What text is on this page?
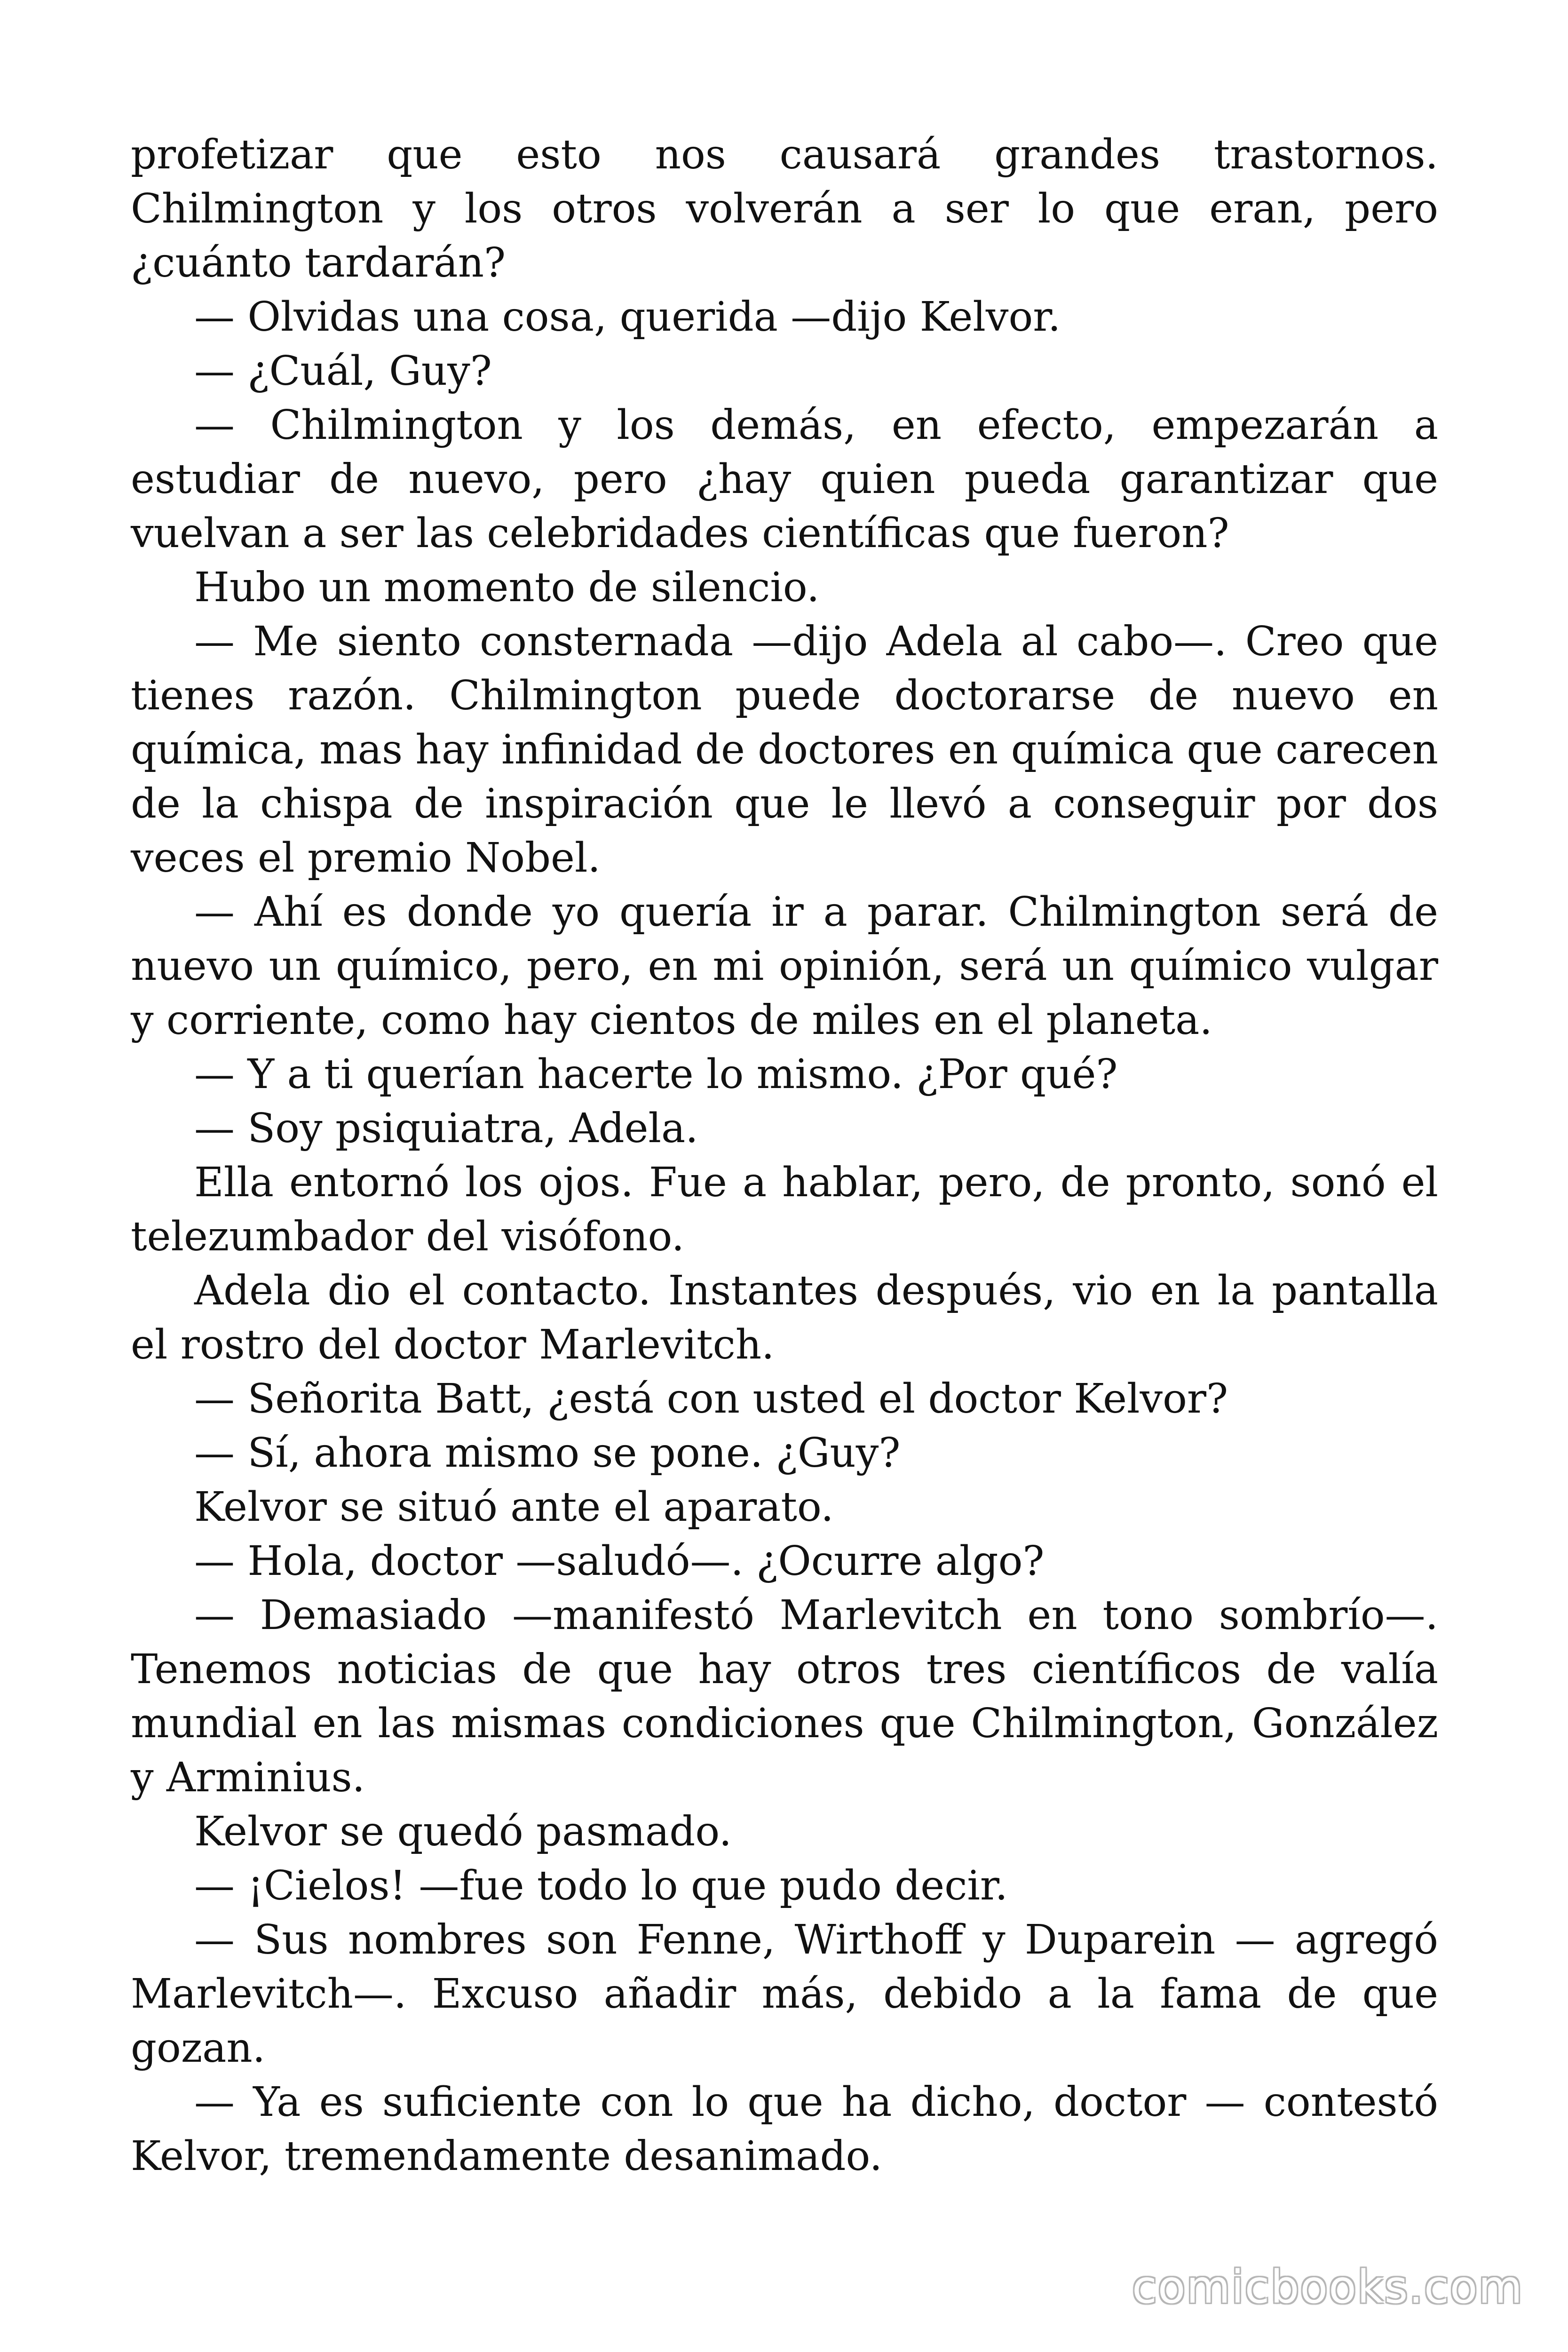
profetizar que esto nos causará grandes trastornos. Chilmington y los otros volverán a ser lo que eran, pero ¿cuánto tardarán?

— Olvidas una cosa, querida —dijo Kelvor.

— ¿Cuál, Guy?

— Chilmington y los demás, en efecto, empezarán a estudiar de nuevo, pero ¿hay quien pueda garantizar que vuelvan a ser las celebridades científicas que fueron?

Hubo un momento de silencio.

— Me siento consternada —dijo Adela al cabo—. Creo que tienes razón. Chilmington puede doctorarse de nuevo en química, mas hay infinidad de doctores en química que carecen de la chispa de inspiración que le llevó a conseguir por dos veces el premio Nobel.

— Ahí es donde yo quería ir a parar. Chilmington será de nuevo un químico, pero, en mi opinión, será un químico vulgar y corriente, como hay cientos de miles en el planeta.

— Y a ti querían hacerte lo mismo. ¿Por qué?

— Soy psiquiatra, Adela.

Ella entornó los ojos. Fue a hablar, pero, de pronto, sonó el telezumbador del visófono.

Adela dio el contacto. Instantes después, vio en la pantalla el rostro del doctor Marlevitch.

— Señorita Batt, ¿está con usted el doctor Kelvor?

— Sí, ahora mismo se pone. ¿Guy?

Kelvor se situó ante el aparato.

— Hola, doctor —saludó—. ¿Ocurre algo?

— Demasiado —manifestó Marlevitch en tono sombrío—. Tenemos noticias de que hay otros tres científicos de valía mundial en las mismas condiciones que Chilmington, González y Arminius.

Kelvor se quedó pasmado.

— ¡Cielos! —fue todo lo que pudo decir.

— Sus nombres son Fenne, Wirthoff y Duparein — agregó Marlevitch—. Excuso añadir más, debido a la fama de que gozan.

— Ya es suficiente con lo que ha dicho, doctor — contestó Kelvor, tremendamente desanimado.

comicbooks.com
